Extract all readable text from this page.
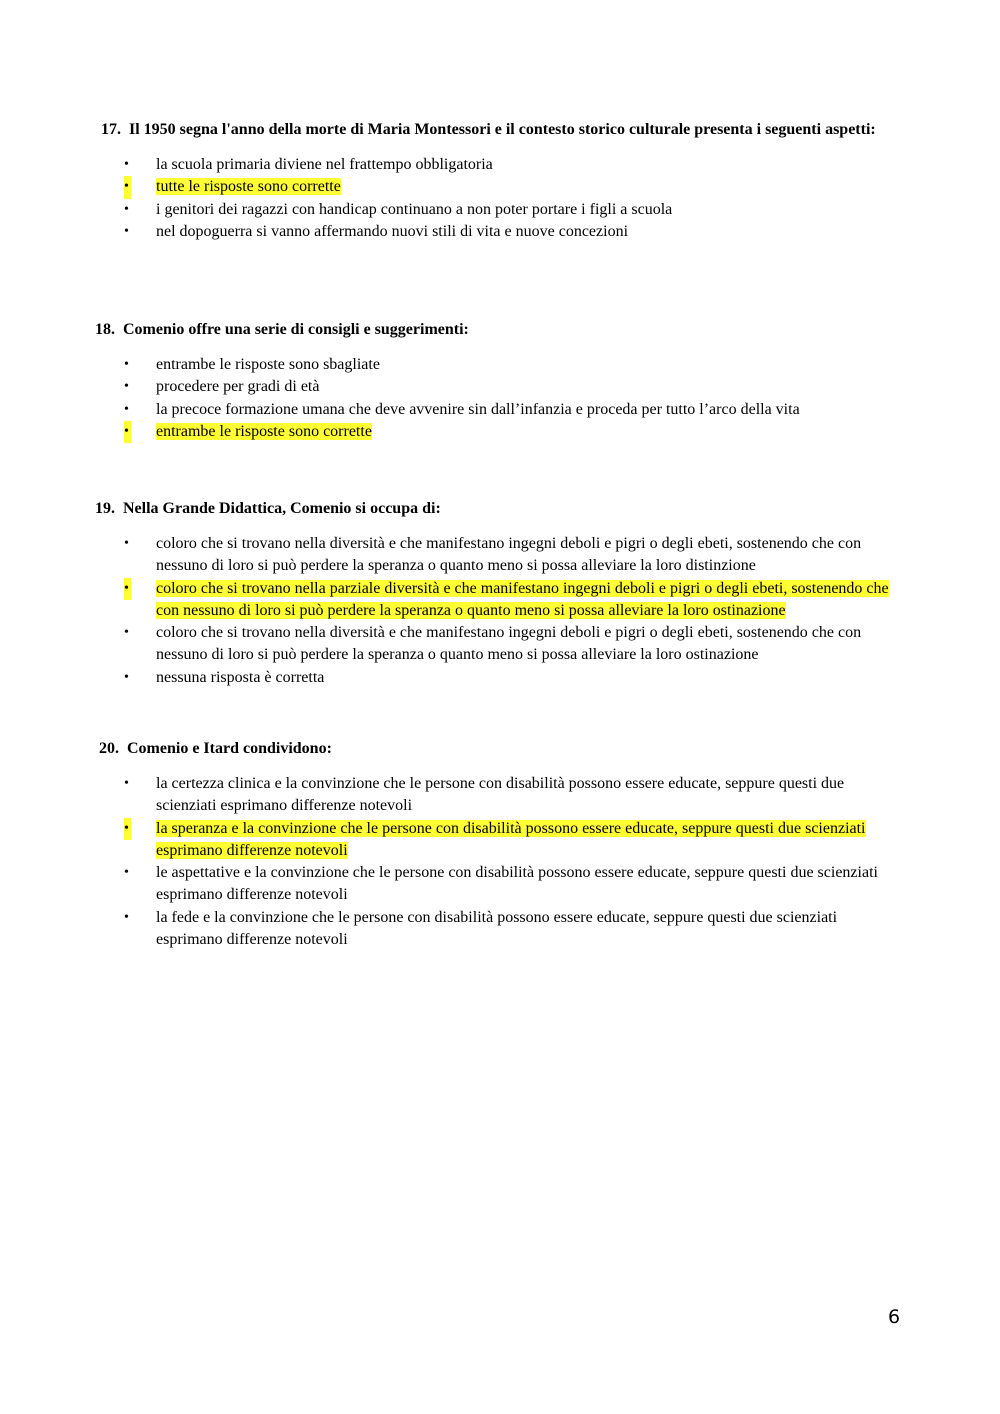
17. Il 1950 segna l'anno della morte di Maria Montessori e il contesto storico culturale presenta i seguenti aspetti:

• la scuola primaria diviene nel frattempo obbligatoria
• tutte le risposte sono corrette
• i genitori dei ragazzi con handicap continuano a non poter portare i figli a scuola
• nel dopoguerra si vanno affermando nuovi stili di vita e nuove concezioni

18. Comenio offre una serie di consigli e suggerimenti:

• entrambe le risposte sono sbagliate
• procedere per gradi di età
• la precoce formazione umana che deve avvenire sin dall’infanzia e proceda per tutto l’arco della vita
• entrambe le risposte sono corrette

19. Nella Grande Didattica, Comenio si occupa di:

• coloro che si trovano nella diversità e che manifestano ingegni deboli e pigri o degli ebeti, sostenendo che con nessuno di loro si può perdere la speranza o quanto meno si possa alleviare la loro distinzione
• coloro che si trovano nella parziale diversità e che manifestano ingegni deboli e pigri o degli ebeti, sostenendo che con nessuno di loro si può perdere la speranza o quanto meno si possa alleviare la loro ostinazione
• coloro che si trovano nella diversità e che manifestano ingegni deboli e pigri o degli ebeti, sostenendo che con nessuno di loro si può perdere la speranza o quanto meno si possa alleviare la loro ostinazione
• nessuna risposta è corretta

20. Comenio e Itard condividono:

• la certezza clinica e la convinzione che le persone con disabilità possono essere educate, seppure questi due scienziati esprimano differenze notevoli
• la speranza e la convinzione che le persone con disabilità possono essere educate, seppure questi due scienziati esprimano differenze notevoli
• le aspettative e la convinzione che le persone con disabilità possono essere educate, seppure questi due scienziati esprimano differenze notevoli
• la fede e la convinzione che le persone con disabilità possono essere educate, seppure questi due scienziati esprimano differenze notevoli
6
